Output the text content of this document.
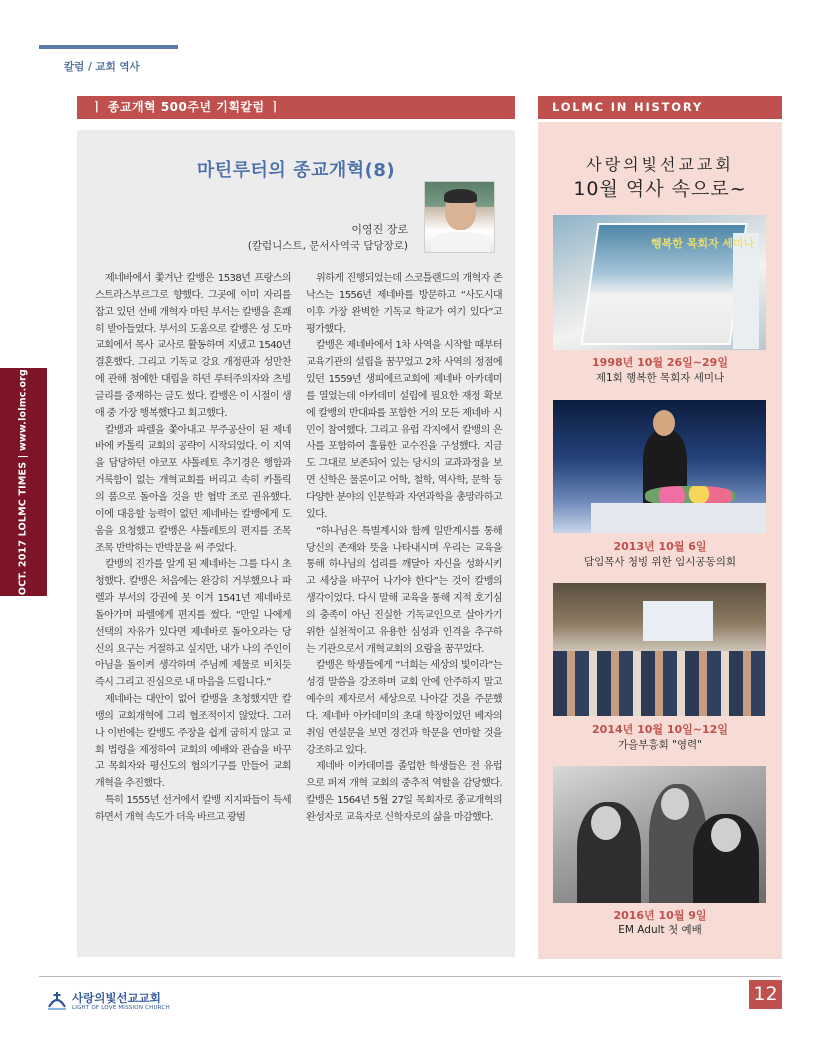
칼럼 / 교회 역사
ㅣ 종교개혁 500주년 기획칼럼 ㅣ	LOLMC IN HISTORY
마틴루터의 종교개혁(8)
이영진 장로
(칼럼니스트, 문서사역국 담당장로)

제네바에서 쫓겨난 칼뱅은 1538년 프랑스의 스트라스부르그로 향했다. 그곳에 이미 자리를 잡고 있던 선배 개혁자 마틴 부서는 칼뱅을 흔쾌히 받아들였다. 부서의 도움으로 칼뱅은 성 도마교회에서 목사 교사로 활동하며 지냈고 1540년 결혼했다. 그리고 기독교 강요 개정판과 성만찬에 관해 첨예한 대립을 하던 루터주의자와 츠빙글리를 중재하는 글도 썼다. 칼뱅은 이 시절이 생애 중 가장 행복했다고 회고했다.

칼뱅과 파렐을 쫓아내고 무주공산이 된 제네바에 카톨릭 교회의 공략이 시작되었다. 이 지역을 담당하던 야코포 샤톨레토 추기경은 행함과 거룩함이 없는 개혁교회를 버리고 속히 카톨릭의 품으로 돌아올 것을 반 협박 조로 권유했다. 이에 대응할 능력이 없던 제네바는 칼뱅에게 도움을 요청했고 칼뱅은 샤톨레토의 편지를 조목조목 반박하는 반박문을 써 주었다.

칼뱅의 진가를 알게 된 제네바는 그를 다시 초청했다. 칼뱅은 처음에는 완강히 거부했으나 파렐과 부서의 강권에 못 이겨 1541년 제네바로 돌아가며 파렐에게 편지를 썼다. “만일 나에게 선택의 자유가 있다면 제네바로 돌아오라는 당신의 요구는 거절하고 싶지만, 내가 나의 주인이 아님을 돌이켜 생각하며 주님께 제물로 비치듯 즉시 그리고 진심으로 내 마음을 드립니다.”

제네바는 대안이 없어 칼뱅을 초청했지만 칼뱅의 교회개혁에 그리 협조적이지 않았다. 그러나 이번에는 칼뱅도 주장을 쉽게 굽히지 않고 교회 법령을 제정하여 교회의 예배와 관습을 바꾸고 목회자와 평신도의 협의기구를 만들어 교회개혁을 추진했다.

특히 1555년 선거에서 칼뱅 지지파들이 득세하면서 개혁 속도가 더욱 바르고 광범

위하게 진행되었는데 스코틀랜드의 개혁자 존 낙스는 1556년 제네바를 방문하고 “사도시대 이후 가장 완벽한 기독교 학교가 여기 있다”고 평가했다.

칼뱅은 제네바에서 1차 사역을 시작할 때부터 교육기관의 설립을 꿈꾸었고 2차 사역의 정점에 있던 1559년 생피에르교회에 제네바 아카데미를 열었는데 아카데미 설립에 필요한 재정 확보에 칼뱅의 반대파를 포함한 거의 모든 제네바 시민이 참여했다. 그리고 유럽 각지에서 칼뱅의 은사를 포함하여 훌륭한 교수진을 구성했다. 지금도 그대로 보존되어 있는 당시의 교과과정을 보면 신학은 물론이고 어학, 철학, 역사학, 문학 등 다양한 분야의 인문학과 자연과학을 총망라하고 있다.

“하나님은 특별계시와 함께 일반계시를 통해 당신의 존재와 뜻을 나타내시며 우리는 교육을 통해 하나님의 섭리를 깨달아 자신을 성화시키고 세상을 바꾸어 나가야 한다”는 것이 칼뱅의 생각이었다. 다시 말해 교육을 통해 지적 호기심의 충족이 아닌 진실한 기독교인으로 살아가기 위한 실천적이고 유용한 심성과 인격을 추구하는 기관으로서 개혁교회의 요람을 꿈꾸었다.

칼뱅은 학생들에게 “너희는 세상의 빛이라”는 성경 말씀을 강조하며 교회 안에 안주하지 말고 예수의 제자로서 세상으로 나아갈 것을 주문했다. 제네바 아카데미의 초대 학장이었던 베자의 취임 연설문을 보면 경건과 학문을 연마할 것을 강조하고 있다.

제네바 이카데미를 졸업한 학생들은 전 유럽으로 퍼져 개혁 교회의 중추적 역할을 감당했다. 칼뱅은 1564년 5월 27일 목회자로 종교개혁의 완성자로 교육자로 신학자로의 삶을 마감했다.

OCT. 2017 LOLMC TIMES | www.lolmc.org
사랑의빛선교교회
10월 역사 속으로~
행복한 목회자 세미나
1998년 10월 26일~29일
제1회 행복한 목회자 세미나
2013년 10월 6일
담임목사 청빙 위한 임시공동의회
2014년 10월 10일~12일
가을부흥회 "영력"
2016년 10월 9일
EM Adult 첫 예배
사랑의빛선교교회
LIGHT OF LOVE MISSION CHURCH
12
